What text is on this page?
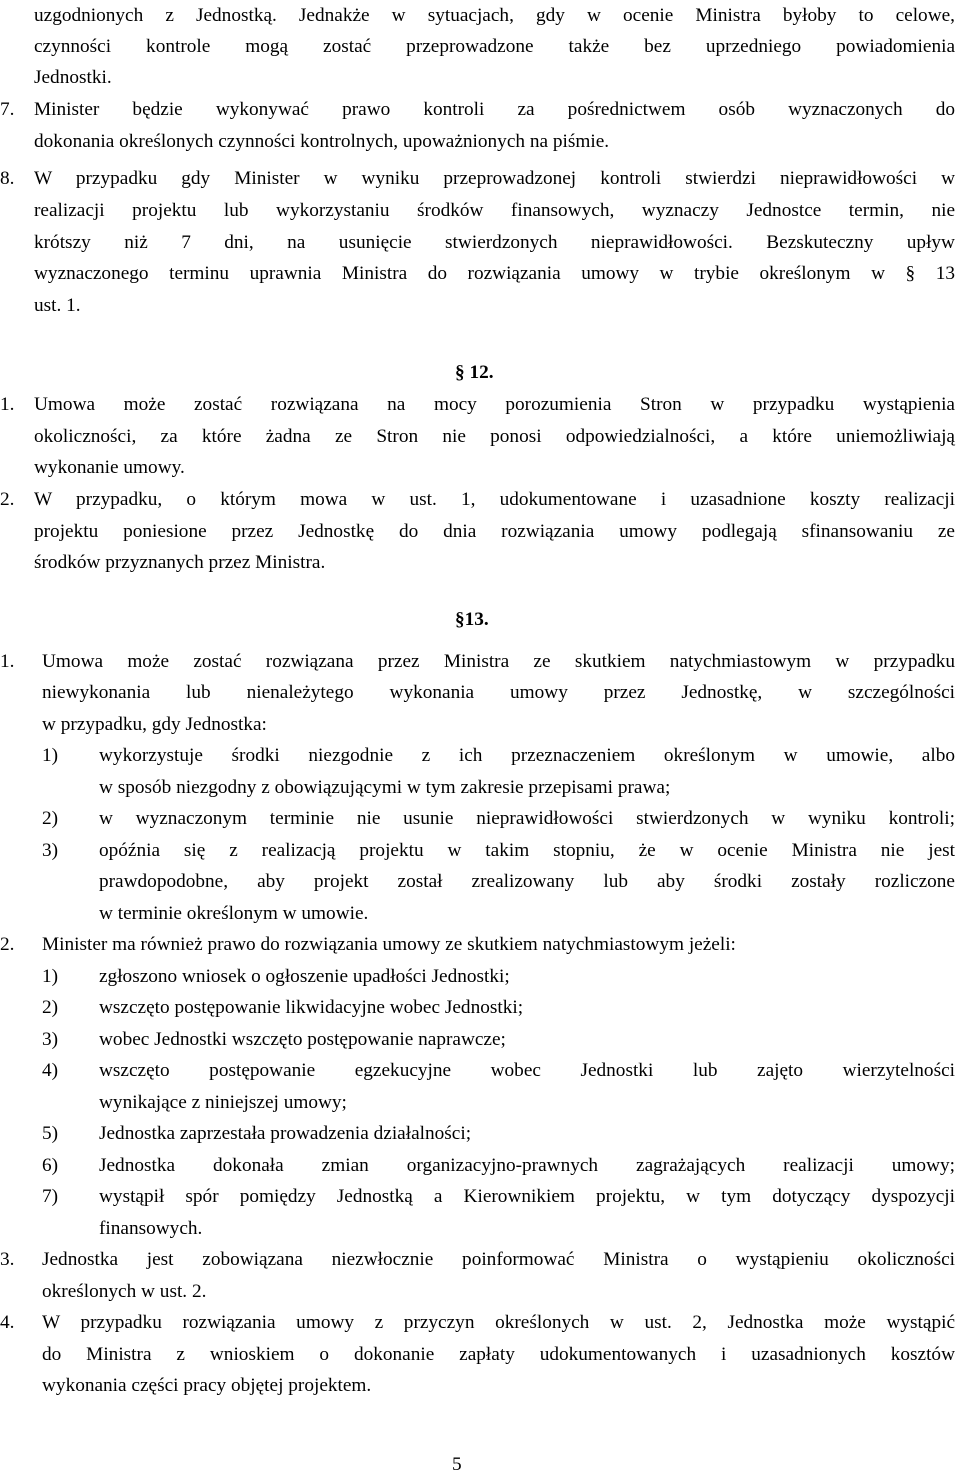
uzgodnionych z Jednostką. Jednakże w sytuacjach, gdy w ocenie Ministra byłoby to celowe,
czynności kontrole mogą zostać przeprowadzone także bez uprzedniego powiadomienia
Jednostki.
7. Minister będzie wykonywać prawo kontroli za pośrednictwem osób wyznaczonych do
dokonania określonych czynności kontrolnych, upoważnionych na piśmie.
8. W przypadku gdy Minister w wyniku przeprowadzonej kontroli stwierdzi nieprawidłowości w
realizacji projektu lub wykorzystaniu środków finansowych, wyznaczy Jednostce termin, nie
krótszy niż 7 dni, na usunięcie stwierdzonych nieprawidłowości. Bezskuteczny upływ
wyznaczonego terminu uprawnia Ministra do rozwiązania umowy w trybie określonym w § 13
ust. 1.
§ 12.
1. Umowa może zostać rozwiązana na mocy porozumienia Stron w przypadku wystąpienia
okoliczności, za które żadna ze Stron nie ponosi odpowiedzialności, a które uniemożliwiają
wykonanie umowy.
2. W przypadku, o którym mowa w ust. 1, udokumentowane i uzasadnione koszty realizacji
projektu poniesione przez Jednostkę do dnia rozwiązania umowy podlegają sfinansowaniu ze
środków przyznanych przez Ministra.
§13.
1. Umowa może zostać rozwiązana przez Ministra ze skutkiem natychmiastowym w przypadku
niewykonania lub nienależytego wykonania umowy przez Jednostkę, w szczególności
w przypadku, gdy Jednostka:
1) wykorzystuje środki niezgodnie z ich przeznaczeniem określonym w umowie, albo
w sposób niezgodny z obowiązującymi w tym zakresie przepisami prawa;
2) w wyznaczonym terminie nie usunie nieprawidłowości stwierdzonych w wyniku kontroli;
3) opóźnia się z realizacją projektu w takim stopniu, że w ocenie Ministra nie jest
prawdopodobne, aby projekt został zrealizowany lub aby środki zostały rozliczone
w terminie określonym w umowie.
2. Minister ma również prawo do rozwiązania umowy ze skutkiem natychmiastowym jeżeli:
1) zgłoszono wniosek o ogłoszenie upadłości Jednostki;
2) wszczęto postępowanie likwidacyjne wobec Jednostki;
3) wobec Jednostki wszczęto postępowanie naprawcze;
4) wszczęto postępowanie egzekucyjne wobec Jednostki lub zajęto wierzytelności
wynikające z niniejszej umowy;
5) Jednostka zaprzestała prowadzenia działalności;
6) Jednostka dokonała zmian organizacyjno-prawnych zagrażających realizacji umowy;
7) wystąpił spór pomiędzy Jednostką a Kierownikiem projektu, w tym dotyczący dyspozycji
finansowych.
3. Jednostka jest zobowiązana niezwłocznie poinformować Ministra o wystąpieniu okoliczności
określonych w ust. 2.
4. W przypadku rozwiązania umowy z przyczyn określonych w ust. 2, Jednostka może wystąpić
do Ministra z wnioskiem o dokonanie zapłaty udokumentowanych i uzasadnionych kosztów
wykonania części pracy objętej projektem.
5
